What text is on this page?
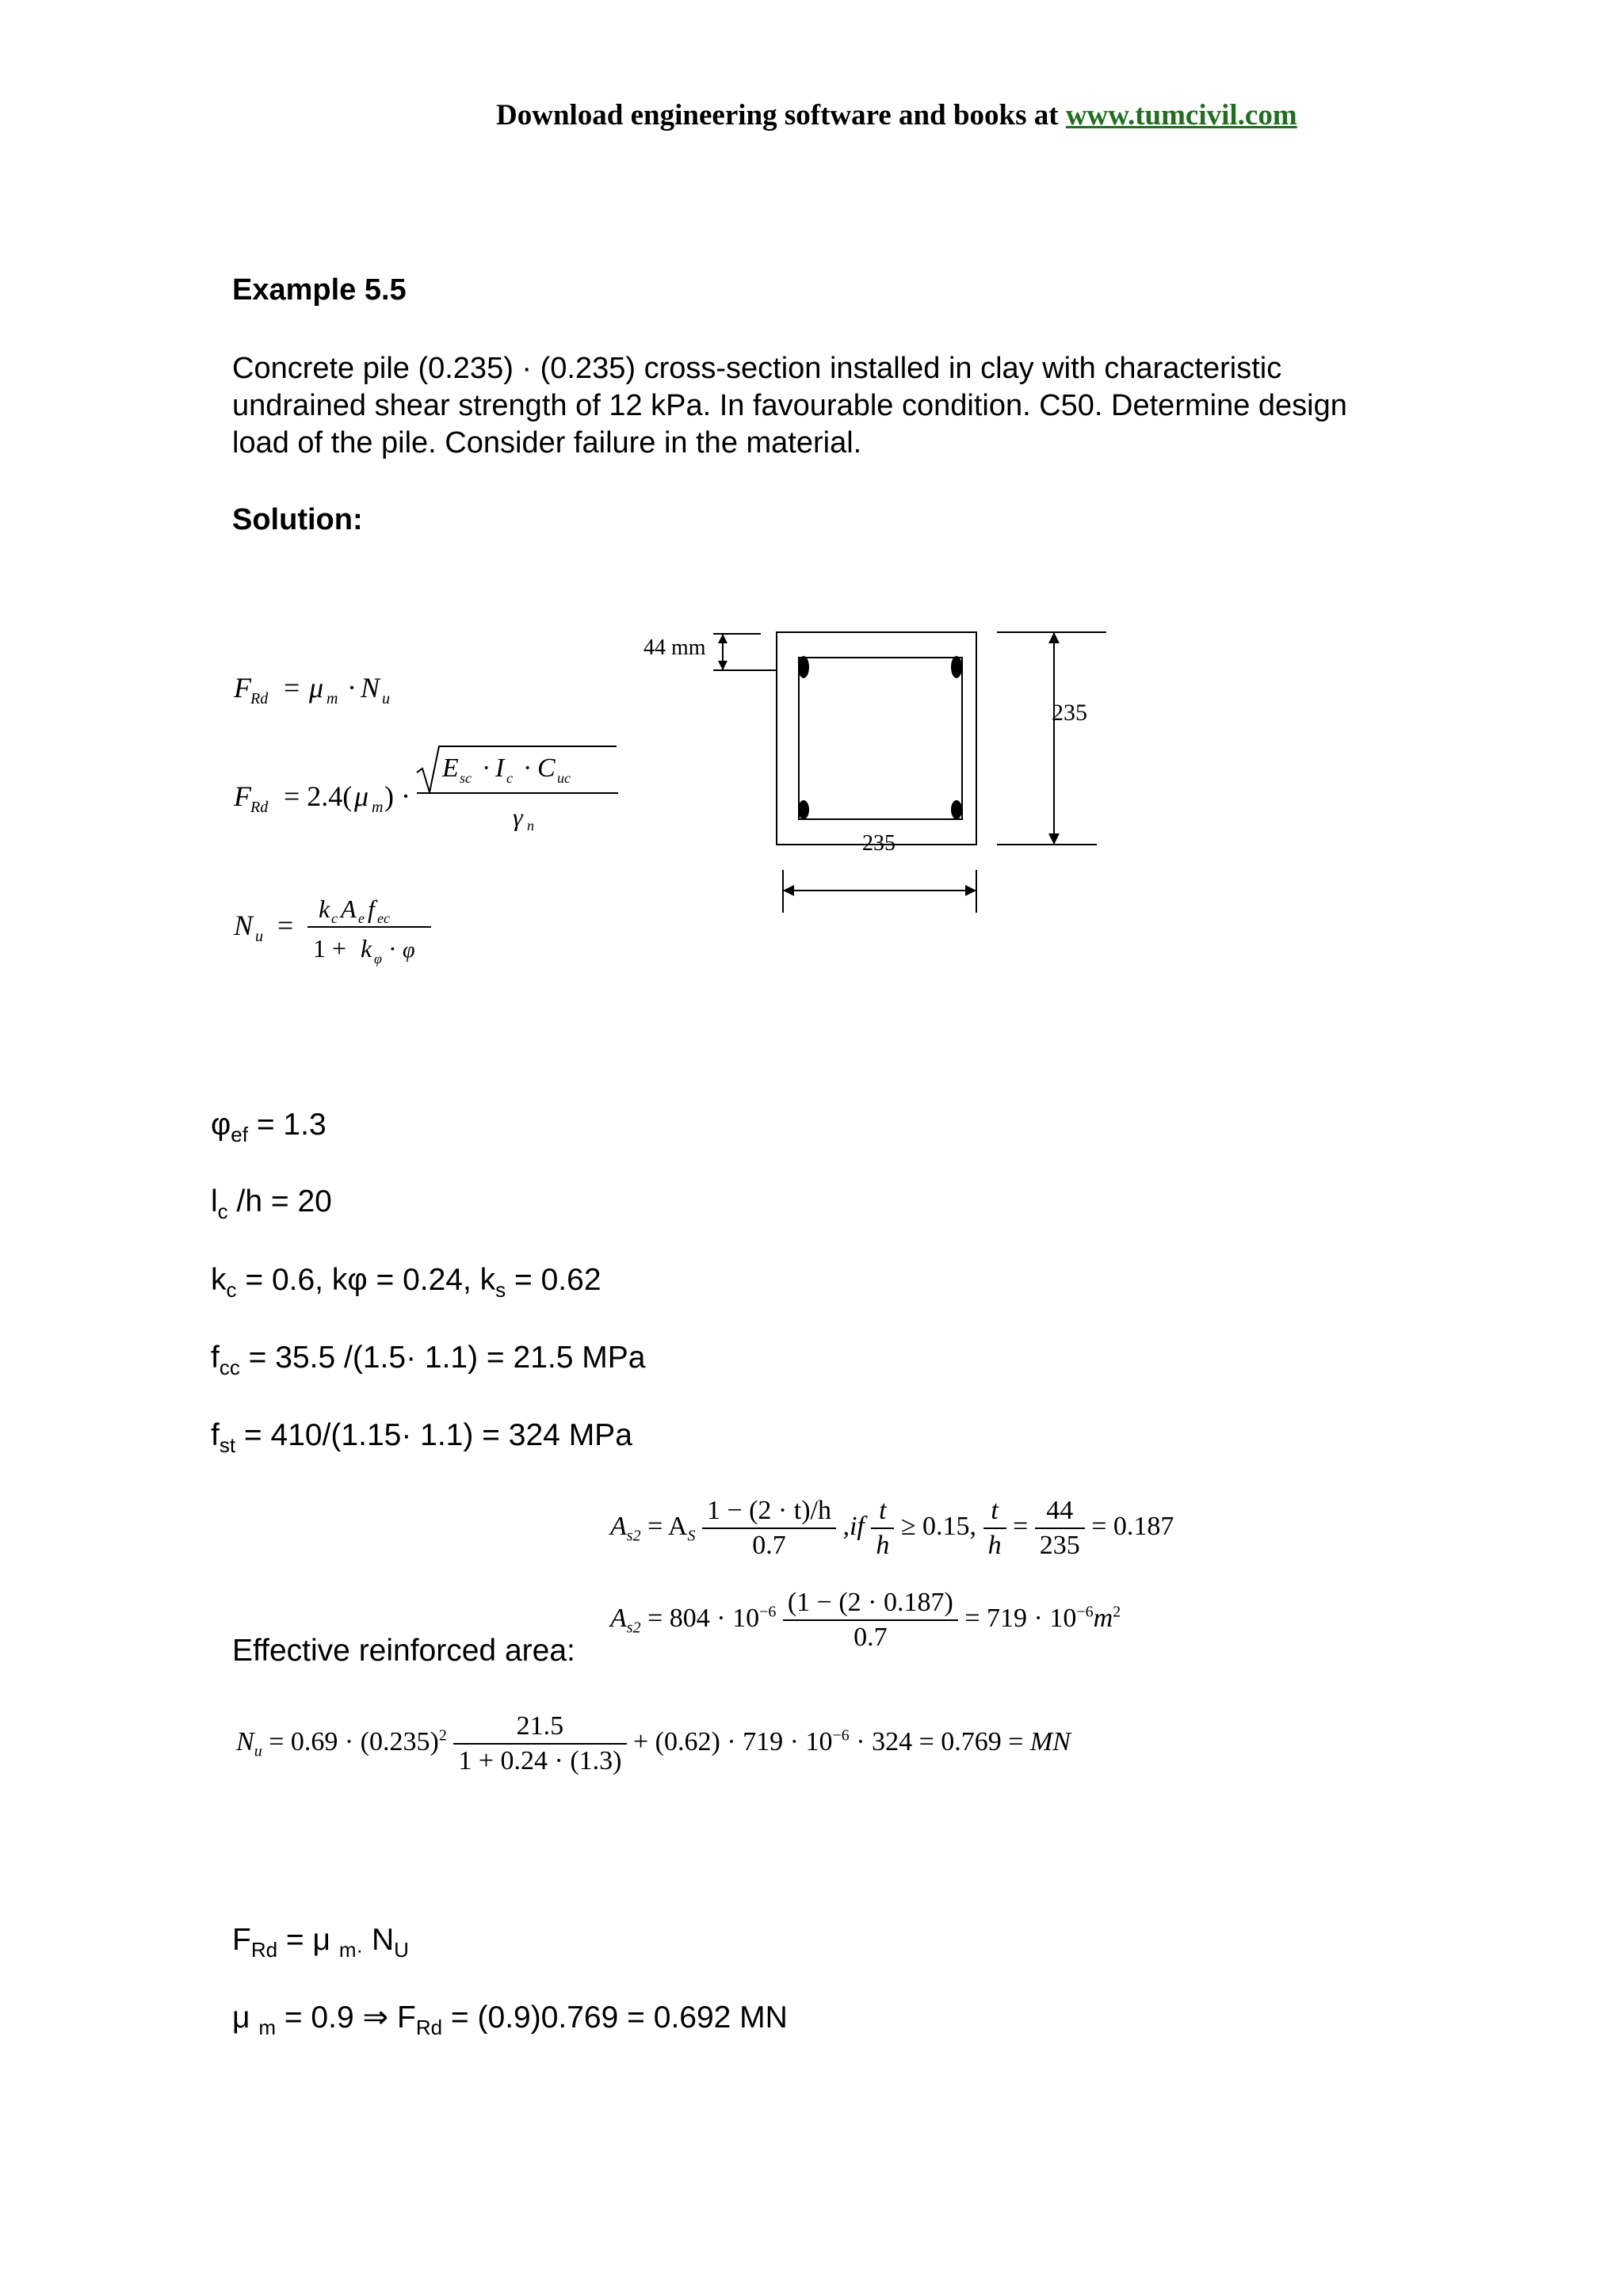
Download engineering software and books at www.tumcivil.com
Example 5.5
Concrete pile (0.235) · (0.235) cross-section installed in clay with characteristic undrained shear strength of 12 kPa. In favourable condition. C50. Determine design load of the pile. Consider failure in the material.
Solution:
F Rd = μ m · N u
F Rd = 2.4( μ m ) ·
E sc · I c · C uc
γ n
N u =
k c A e f ec
1 + k φ · φ
44 mm
235
235
$\varphi_{ef} = 1.3$
$l_c$ /h = 20
$k_c = 0.6$, kφ = 0.24, $k_s = 0.62$
$f_{cc} = 35.5$ /(1.5· 1.1) = 21.5 MPa
$f_{st} = 410/(1.15\cdot 1.1) = 324$ MPa
$A_{s2} = A_S \frac{1 - (2 \cdot t)/h}{0.7} ,if \frac{t}{h} \ge 0.15$, $\frac{t}{h} = \frac{44}{235} = 0.187$
$A_{s2} = 804 \cdot 10^{-6} \frac{(1 - (2 \cdot 0.187)}{0.7} = 719 \cdot 10^{-6}m^2$
Effective reinforced area:
$N_u = 0.69 \cdot (0.235)^2 \frac{21.5}{1 + 0.24 \cdot (1.3)} + (0.62) \cdot 719 \cdot 10^{-6} \cdot 324 = 0.769$ = MN
$F_{Rd} = \mu$ $_{m\cdot}$ $N_U$
μ $_m$ = 0.9 ⇒ $F_{Rd} = (0.9)0.769 = 0.692$ MN
